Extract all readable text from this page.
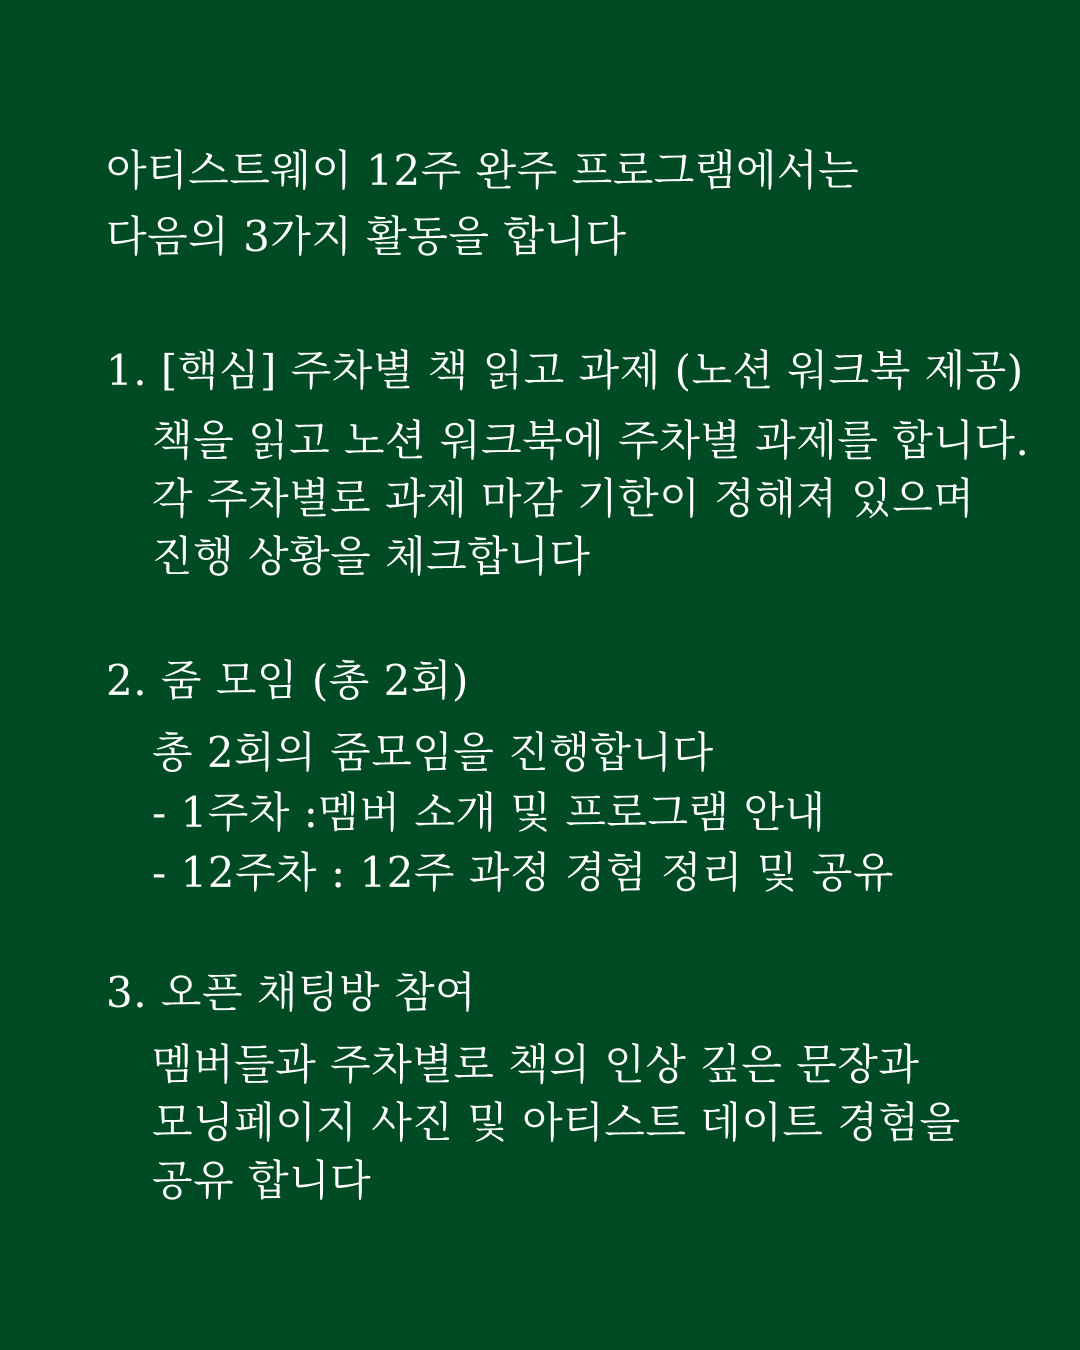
아티스트웨이 12주 완주 프로그램에서는
다음의 3가지 활동을 합니다
1. [핵심] 주차별 책 읽고 과제 (노션 워크북 제공)
책을 읽고 노션 워크북에 주차별 과제를 합니다.
각 주차별로 과제 마감 기한이 정해져 있으며
진행 상황을 체크합니다
2. 줌 모임 (총 2회)
총 2회의 줌모임을 진행합니다
- 1주차 :멤버 소개 및 프로그램 안내
- 12주차 : 12주 과정 경험 정리 및 공유
3. 오픈 채팅방 참여
멤버들과 주차별로 책의 인상 깊은 문장과
모닝페이지 사진 및 아티스트 데이트 경험을
공유 합니다
